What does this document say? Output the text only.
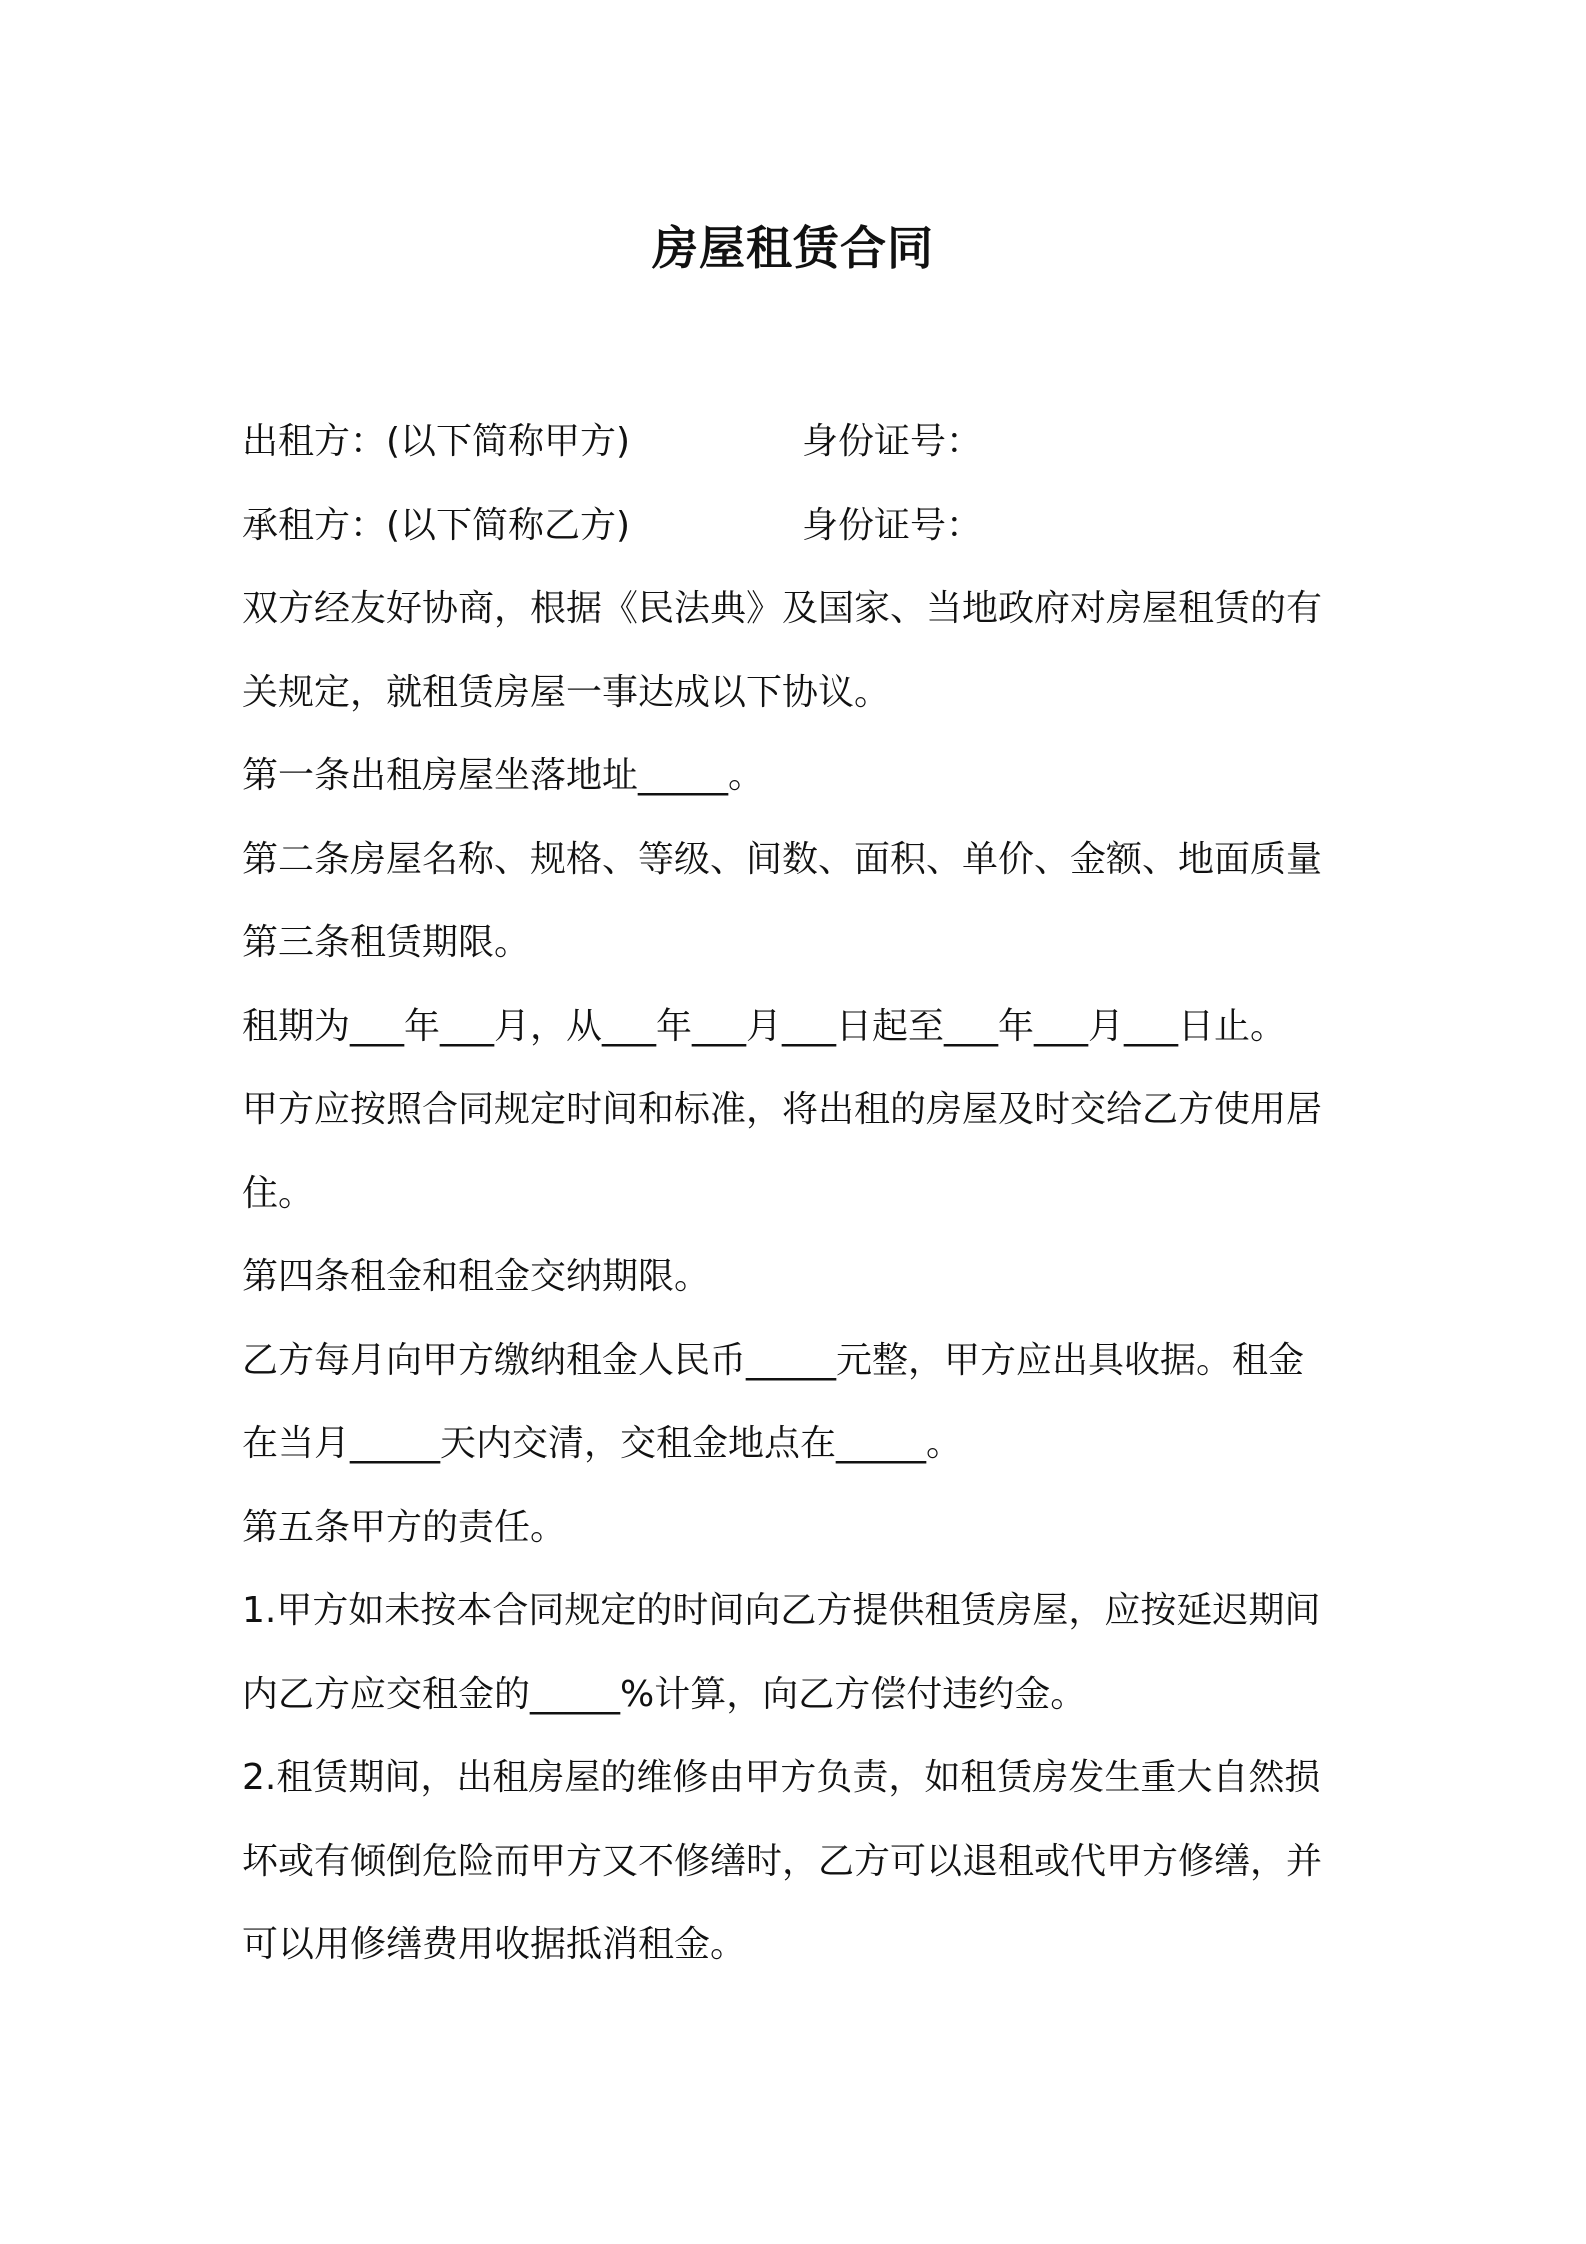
房屋租赁合同
出租方：(以下简称甲方)	身份证号：
承租方：(以下简称乙方)	身份证号：
双方经友好协商，根据《民法典》及国家、当地政府对房屋租赁的有
关规定，就租赁房屋一事达成以下协议。
第一条出租房屋坐落地址_____。
第二条房屋名称、规格、等级、间数、面积、单价、金额、地面质量
第三条租赁期限。
租期为___年___月，从___年___月___日起至___年___月___日止。
甲方应按照合同规定时间和标准，将出租的房屋及时交给乙方使用居
住。
第四条租金和租金交纳期限。
乙方每月向甲方缴纳租金人民币_____元整，甲方应出具收据。租金
在当月_____天内交清，交租金地点在_____。
第五条甲方的责任。
1.甲方如未按本合同规定的时间向乙方提供租赁房屋，应按延迟期间
内乙方应交租金的_____%计算，向乙方偿付违约金。
2.租赁期间，出租房屋的维修由甲方负责，如租赁房发生重大自然损
坏或有倾倒危险而甲方又不修缮时，乙方可以退租或代甲方修缮，并
可以用修缮费用收据抵消租金。
